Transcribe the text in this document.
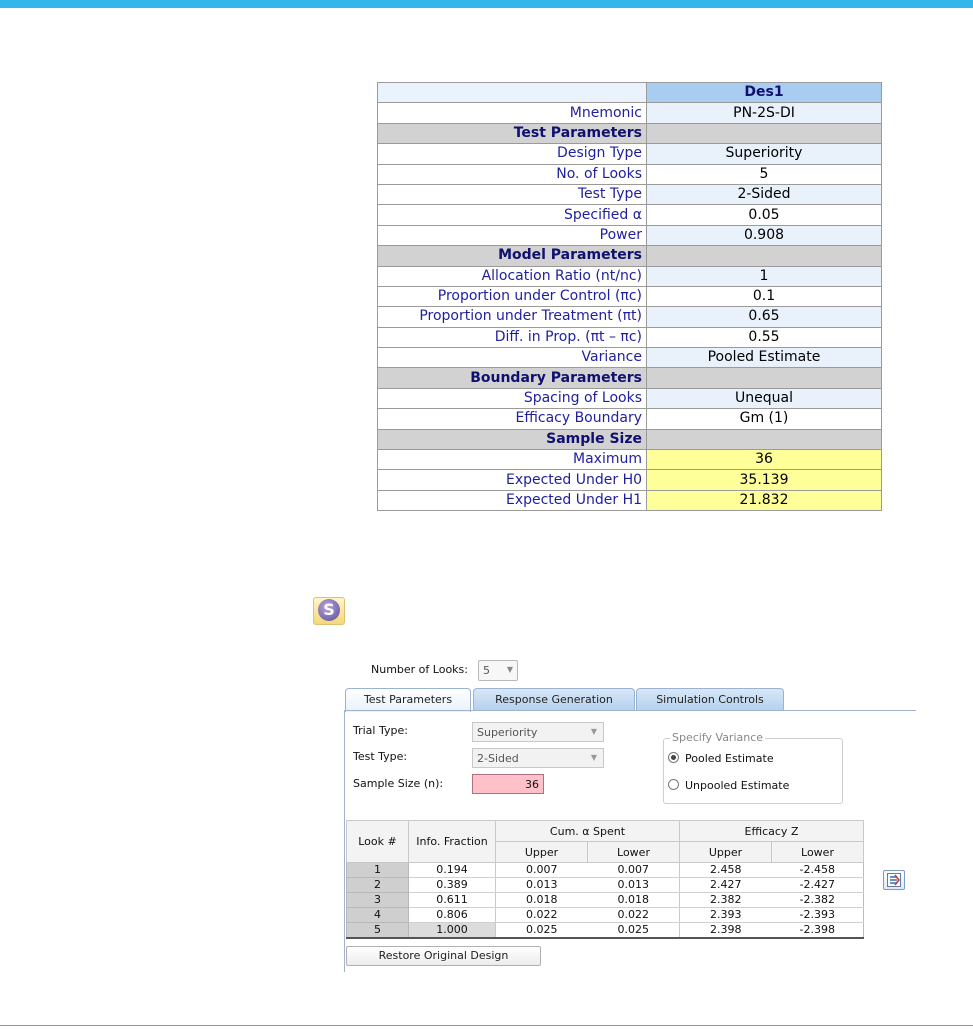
	Des1
Mnemonic	PN-2S-DI
Test Parameters	
Design Type	Superiority
No. of Looks	5
Test Type	2-Sided
Specified α	0.05
Power	0.908
Model Parameters	
Allocation Ratio (nt/nc)	1
Proportion under Control (πc)	0.1
Proportion under Treatment (πt)	0.65
Diff. in Prop. (πt – πc)	0.55
Variance	Pooled Estimate
Boundary Parameters	
Spacing of Looks	Unequal
Efficacy Boundary	Gm (1)
Sample Size	
Maximum	36
Expected Under H0	35.139
Expected Under H1	21.832
S
Number of Looks: 5 ▼
Test Parameters	Response Generation	Simulation Controls
Trial Type:	Superiority	▼
Test Type:	2-Sided	▼
Sample Size (n):	36
Specify Variance
Pooled Estimate
Unpooled Estimate
Look #	Info. Fraction	Cum. α Spent		Efficacy Z	
		Upper	Lower	Upper	Lower
1	0.194	0.007	0.007	2.458	-2.458
2	0.389	0.013	0.013	2.427	-2.427
3	0.611	0.018	0.018	2.382	-2.382
4	0.806	0.022	0.022	2.393	-2.393
5	1.000	0.025	0.025	2.398	-2.398
Restore Original Design
